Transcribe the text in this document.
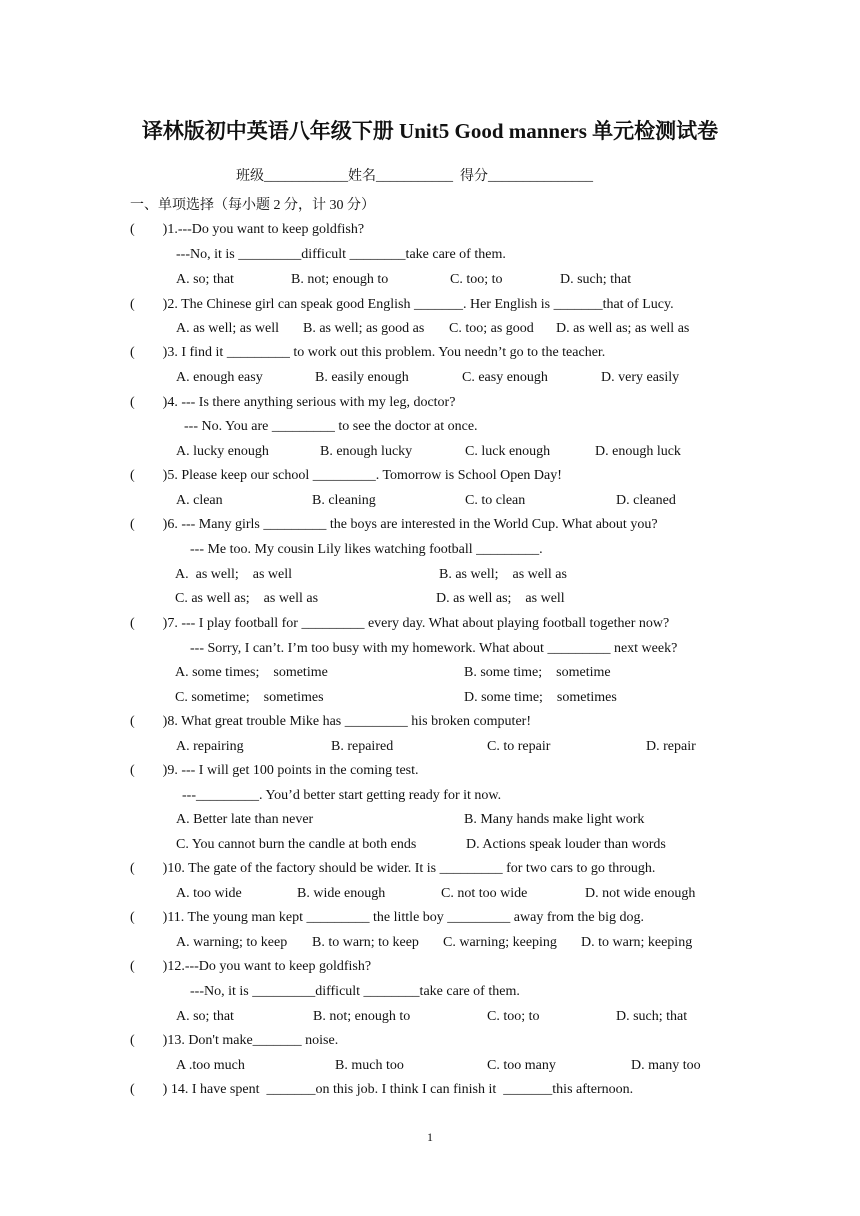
译林版初中英语八年级下册 Unit5 Good manners 单元检测试卷
班级____________姓名___________  得分_______________
一、单项选择（每小题 2 分，计 30 分）
(        )1.---Do you want to keep goldfish?
---No, it is _________difficult ________take care of them.
A. so; that	B. not; enough to	C. too; to	D. such; that
(        )2. The Chinese girl can speak good English _______. Her English is _______that of Lucy.
A. as well; as well B. as well; as good as C. too; as good D. as well as; as well as
(        )3. I find it _________ to work out this problem. You needn’t go to the teacher.
A. enough easy	B. easily enough	C. easy enough	D. very easily
(        )4. --- Is there anything serious with my leg, doctor?
--- No. You are _________ to see the doctor at once.
A. lucky enough	B. enough lucky	C. luck enough	D. enough luck
(        )5. Please keep our school _________. Tomorrow is School Open Day!
A. clean	B. cleaning	C. to clean	D. cleaned
(        )6. --- Many girls _________ the boys are interested in the World Cup. What about you?
--- Me too. My cousin Lily likes watching football _________.
A.  as well;    as well	B. as well;    as well as
C. as well as;    as well as	D. as well as;    as well
(        )7. --- I play football for _________ every day. What about playing football together now?
--- Sorry, I can’t. I’m too busy with my homework. What about _________ next week?
A. some times;    sometime	B. some time;    sometime
C. sometime;    sometimes	D. some time;    sometimes
(        )8. What great trouble Mike has _________ his broken computer!
A. repairing	B. repaired	C. to repair	D. repair
(        )9. --- I will get 100 points in the coming test.
---_________. You’d better start getting ready for it now.
A. Better late than never	B. Many hands make light work
C. You cannot burn the candle at both ends	D. Actions speak louder than words
(        )10. The gate of the factory should be wider. It is _________ for two cars to go through.
A. too wide	B. wide enough	C. not too wide	D. not wide enough
(        )11. The young man kept _________ the little boy _________ away from the big dog.
A. warning; to keep B. to warn; to keep C. warning; keeping D. to warn; keeping
(        )12.---Do you want to keep goldfish?
---No, it is _________difficult ________take care of them.
A. so; that	B. not; enough to	C. too; to	D. such; that
(        )13. Don't make_______ noise.
A .too much	B. much too	C. too many	D. many too
(        ) 14. I have spent  _______on this job. I think I can finish it  _______this afternoon.
1
